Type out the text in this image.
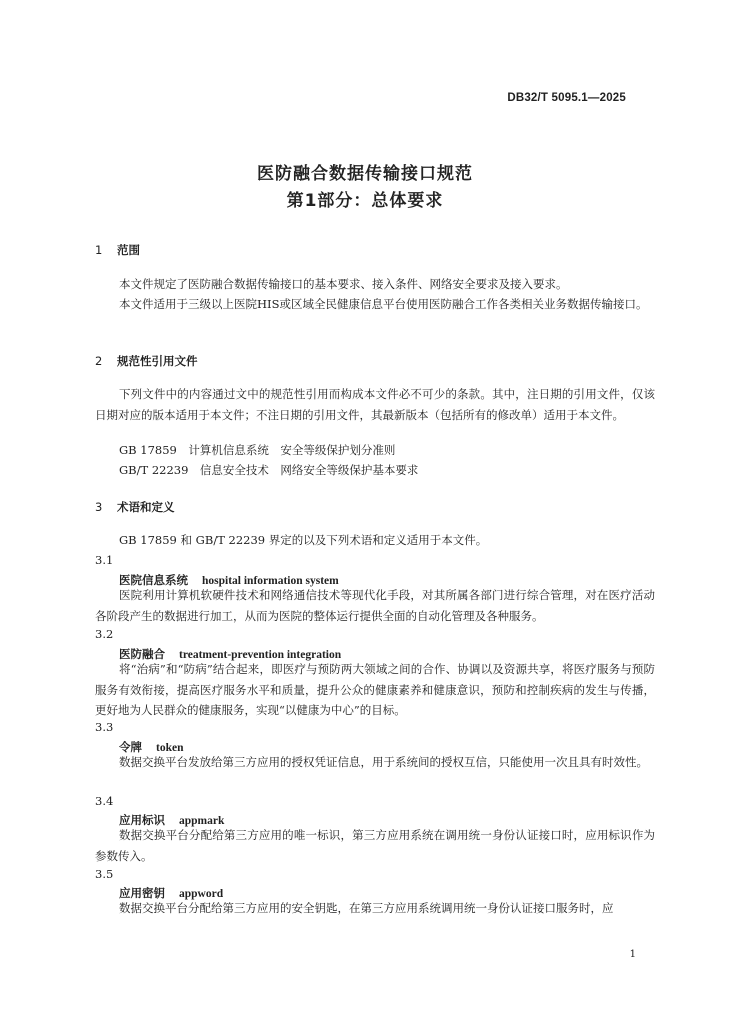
DB32/T 5095.1—2025
医防融合数据传输接口规范
第1部分：总体要求
1 范围
本文件规定了医防融合数据传输接口的基本要求、接入条件、网络安全要求及接入要求。
本文件适用于三级以上医院HIS或区域全民健康信息平台使用医防融合工作各类相关业务数据传输接口。
2 规范性引用文件
下列文件中的内容通过文中的规范性引用而构成本文件必不可少的条款。其中，注日期的引用文件，仅该日期对应的版本适用于本文件；不注日期的引用文件，其最新版本（包括所有的修改单）适用于本文件。
GB 17859　计算机信息系统　安全等级保护划分准则
GB/T 22239　信息安全技术　网络安全等级保护基本要求
3 术语和定义
GB 17859 和 GB/T 22239 界定的以及下列术语和定义适用于本文件。
3.1
医院信息系统 hospital information system
医院利用计算机软硬件技术和网络通信技术等现代化手段，对其所属各部门进行综合管理，对在医疗活动各阶段产生的数据进行加工，从而为医院的整体运行提供全面的自动化管理及各种服务。
3.2
医防融合 treatment-prevention integration
将“治病”和“防病”结合起来，即医疗与预防两大领域之间的合作、协调以及资源共享，将医疗服务与预防服务有效衔接，提高医疗服务水平和质量，提升公众的健康素养和健康意识，预防和控制疾病的发生与传播，更好地为人民群众的健康服务，实现“以健康为中心”的目标。
3.3
令牌 token
数据交换平台发放给第三方应用的授权凭证信息，用于系统间的授权互信，只能使用一次且具有时效性。
3.4
应用标识 appmark
数据交换平台分配给第三方应用的唯一标识，第三方应用系统在调用统一身份认证接口时，应用标识作为参数传入。
3.5
应用密钥 appword
数据交换平台分配给第三方应用的安全钥匙，在第三方应用系统调用统一身份认证接口服务时，应
1
